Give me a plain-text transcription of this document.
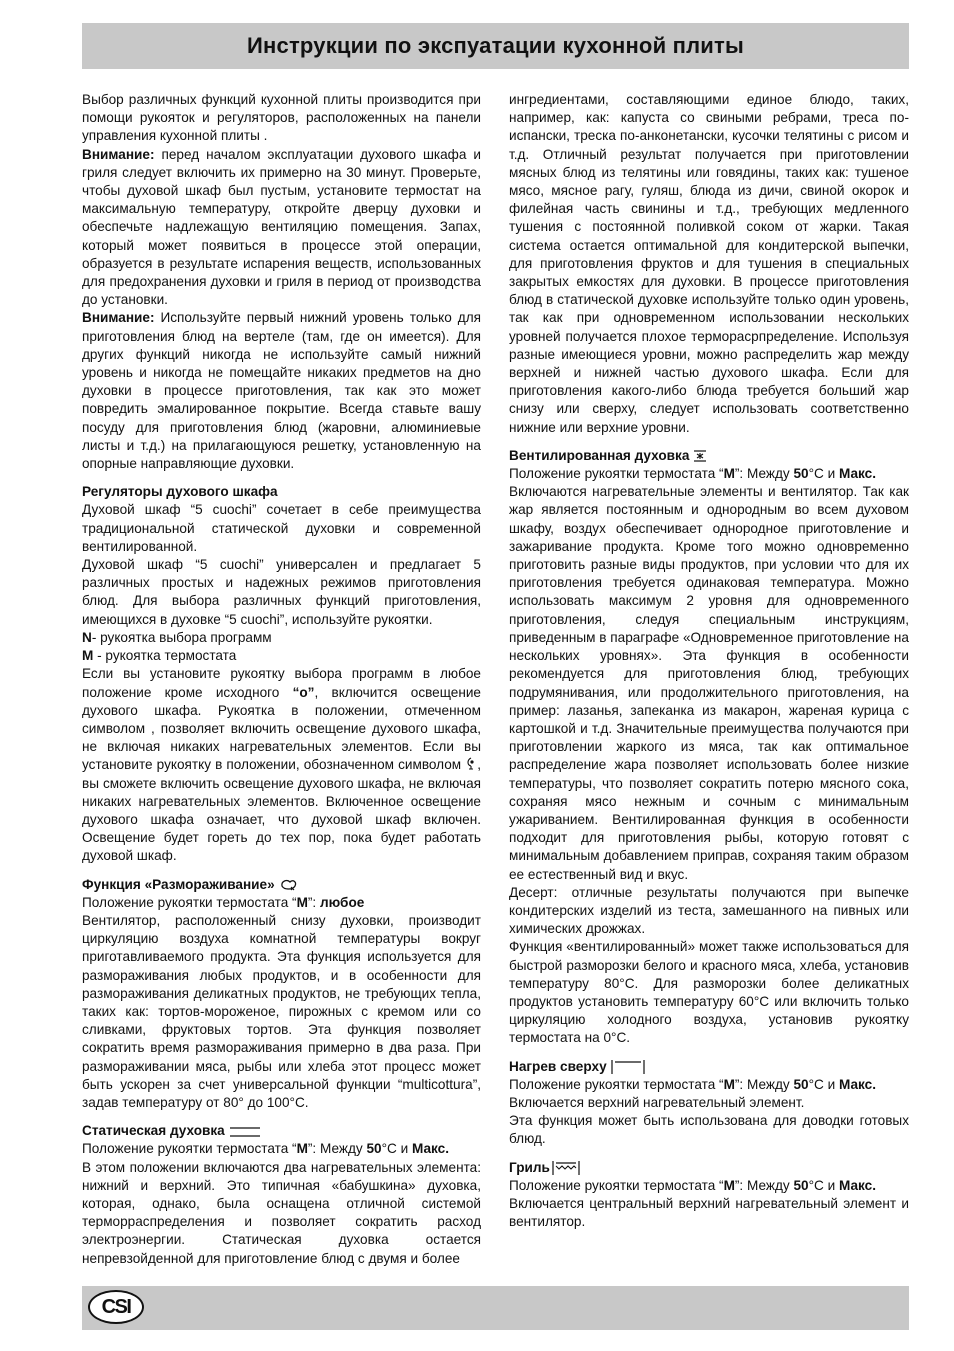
Инструкции по экспуатации кухонной плиты

Выбор различных функций кухонной плиты производится при помощи рукояток и регуляторов, расположенных на панели управления кухонной плиты .

Внимание: перед началом эксплуатации духового шкафа и гриля следует включить их примерно на 30 минут. Проверьте, чтобы духовой шкаф был пустым, установите термостат на максимальную температуру, откройте дверцу духовки и обеспечьте надлежащую вентиляцию помещения. Запах, который может появиться в процессе этой операции, образуется в результате испарения веществ, использованных для предохранения духовки и гриля в период от производства до установки.

Внимание: Используйте первый нижний уровень только для приготовления блюд на вертеле (там, где он имеется). Для других функций никогда не используйте самый нижний уровень и никогда не помещайте никаких предметов на дно духовки в процессе приготовления, так как это может повредить эмалированное покрытие. Всегда ставьте вашу посуду для приготовления блюд (жаровни, алюминиевые листы и т.д.) на прилагающуюся решетку, установленную на опорные направляющие духовки.

Регуляторы духового шкафа

Духовой шкаф “5 cuochi” сочетает в себе преимущества традициональной статической духовки и современной вентилированной.

Духовой шкаф “5 cuochi” универсален и предлагает 5 различных простых и надежных режимов приготовления блюд. Для выбора различных функций приготовления, имеющихся в духовке “5 cuochi”, используйте рукоятки.

N- рукоятка выбора программ

M - рукоятка термостата

Если вы установите рукоятку выбора программ в любое положение кроме исходного “о”, включится освещение духового шкафа. Рукоятка в положении, отмеченном символом , позволяет включить освещение духового шкафа, не включая никаких нагревательных элементов. Если вы установите рукоятку в положении, обозначенном символом , вы сможете включить освещение духового шкафа, не включая никаких нагревательных элементов. Включенное освещение духового шкафа означает, что духовой шкаф включен. Освещение будет гореть до тех пор, пока будет работать духовой шкаф.

Функция «Размораживание»

Положение рукоятки термостата “M”: любое

Вентилятор, расположенный снизу духовки, производит циркуляцию воздуха комнатной температуры вокруг приготавливаемого продукта. Эта функция используется для размораживания любых продуктов, и в особенности для размораживания деликатных продуктов, не требующих тепла, таких как: тортов-мороженое, пирожных с кремом или со сливками, фруктовых тортов. Эта функция позволяет сократить время размораживания примерно в два раза. При размораживании мяса, рыбы или хлеба этот процесс может быть ускорен за счет универсальной функции “multicottura”, задав температуру от 80° до 100°С.

Статическая духовка

Положение рукоятки термостата “M”: Между 50°С и Макс.

В этом положении включаются два нагревательных элемента: нижний и верхний. Это типичная «бабушкина» духовка, которая, однако, была оснащена отличной системой терморраспределения и позволяет сократить расход электроэнергии. Статическая духовка остается непревзойденной для приготовление блюд с двумя и более

ингредиентами, составляющими единое блюдо, таких, например, как: капуста со свиными ребрами, треса по-испански, треска по-анконетански, кусочки телятины с рисом и т.д. Отличный результат получается при приготовлении мясных блюд из телятины или говядины, таких как: тушеное мясо, мясное рагу, гуляш, блюда из дичи, свиной окорок и филейная часть свинины и т.д., требующих медленного тушения с постоянной поливкой соком от жарки. Такая система остается оптимальной для кондитерской выпечки, для приготовления фруктов и для тушения в специальных закрытых емкостях для духовки. В процессе приготовления блюд в статической духовке используйте только один уровень, так как при одновременном использовании нескольких уровней получается плохое терморасрпределение. Используя разные имеющиеся уровни, можно распределить жар между верхней и нижней частью духового шкафа. Если для приготовления какого-либо блюда требуется больший жар снизу или сверху, следует использовать соответственно нижние или верхние уровни.

Вентилированная духовка

Положение рукоятки термостата “M”: Между 50°С и Макс.

Включаются нагревательные элементы и вентилятор. Так как жар является постоянным и однородным во всем духовом шкафу, воздух обеспечивает однородное приготовление и зажаривание продукта. Кроме того можно одновременно приготовить разные виды продуктов, при условии что для их приготовления требуется одинаковая температура. Можно использовать максимум 2 уровня для одновременного приготовления, следуя специальным инструкциям, приведенным в параграфе «Одновременное приготовление на нескольких уровнях». Эта функция в особенности рекомендуется для приготовления блюд, требующих подрумянивания, или продолжительного приготовления, на пример: лазанья, запеканка из макарон, жареная курица с картошкой и т.д. Значительные преимущества получаются при приготовлении жаркого из мяса, так как оптимальное распределение жара позволяет использовать более низкие температуры, что позволяет сократить потерю мясного сока, сохраняя мясо нежным и сочным с минимальным ужариванием. Вентилированная функция в особенности подходит для приготовления рыбы, которую готовят с минимальным добавлением приправ, сохраняя таким образом ее естественный вид и вкус.

Десерт: отличные результаты получаются при выпечке кондитерских изделий из теста, замешанного на пивных или химических дрожжах.

Функция «вентилированный» может также использоваться для быстрой разморозки белого и красного мяса, хлеба, установив температуру 80°С. Для разморозки более деликатных продуктов установить температуру 60°С или включить только циркуляцию холодного воздуха, установив рукоятку термостата на 0°С.

Нагрев сверху

Положение рукоятки термостата “M”: Между 50°С и Макс.

Включается верхний нагревательный элемент.

Эта функция может быть использована для доводки готовых блюд.

Гриль

Положение рукоятки термостата “M”: Между 50°С и Макс.

Включается центральный верхний нагревательный элемент и вентилятор.

CSI
